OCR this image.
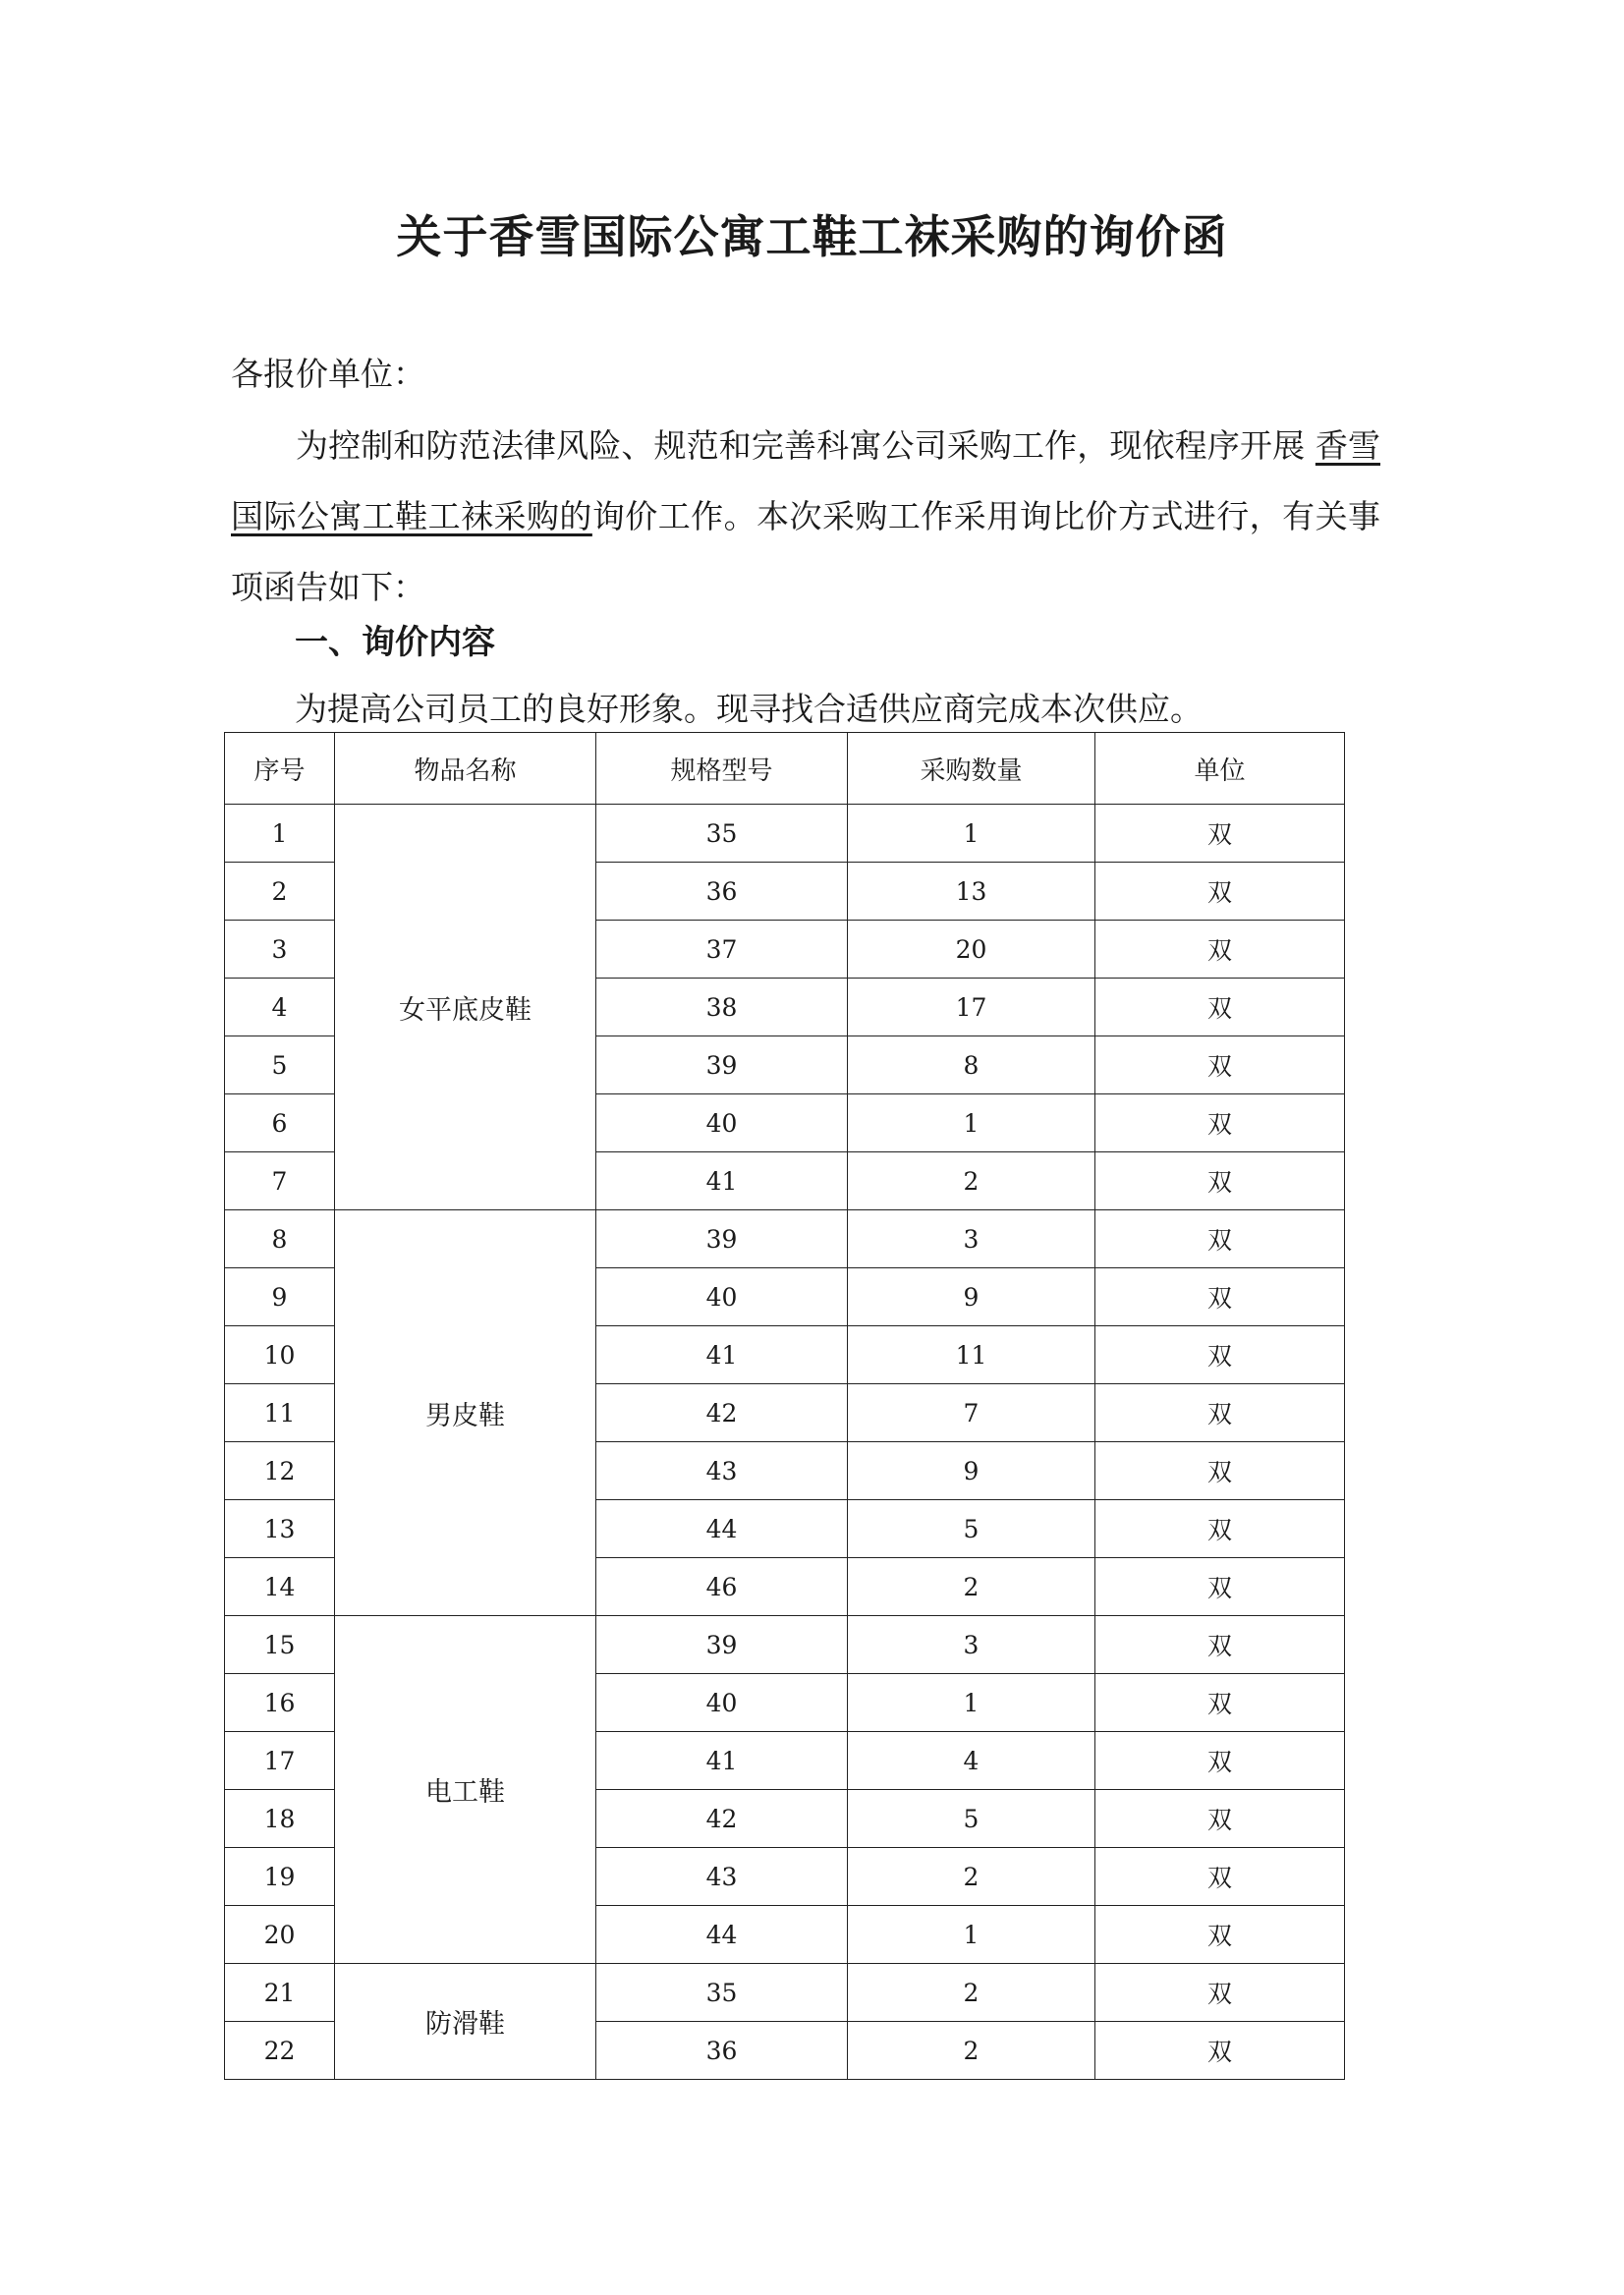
关于香雪国际公寓工鞋工袜采购的询价函
各报价单位：
为控制和防范法律风险、规范和完善科寓公司采购工作，现依程序开展 香雪国际公寓工鞋工袜采购的询价工作。本次采购工作采用询比价方式进行，有关事项函告如下：
一、询价内容
为提高公司员工的良好形象。现寻找合适供应商完成本次供应。
序号	物品名称	规格型号	采购数量	单位
1	女平底皮鞋	35	1	双
2		36	13	双
3		37	20	双
4		38	17	双
5		39	8	双
6		40	1	双
7		41	2	双
8	男皮鞋	39	3	双
9		40	9	双
10		41	11	双
11		42	7	双
12		43	9	双
13		44	5	双
14		46	2	双
15	电工鞋	39	3	双
16		40	1	双
17		41	4	双
18		42	5	双
19		43	2	双
20		44	1	双
21	防滑鞋	35	2	双
22		36	2	双
